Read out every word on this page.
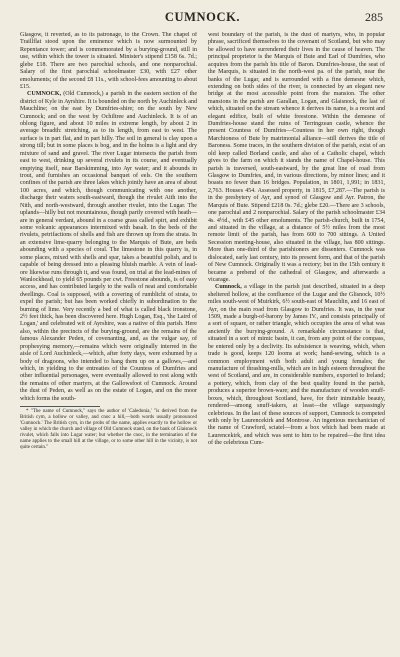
CUMNOCK.	285

Glasgow, it reverted, as to its patronage, to the Crown. The chapel of Traillflat stood upon the eminence which is now surmounted by Repentance tower; and is commemorated by a burying-ground, still in use, within which the tower is situated. Minister's stipend £158 6s. 7d.; glebe £18. There are two parochial schools, and one nonparochial. Salary of the first parochial schoolmaster £30, with £27 other emoluments; of the second £8 11s., with school-fees amounting to about £15.

CUMNOCK, (Old Cumnock,) a parish in the eastern section of the district of Kyle in Ayrshire. It is bounded on the north by Auchinleck and Mauchline; on the east by Dumfries-shire; on the south by New Cumnock; and on the west by Ochiltree and Auchinleck. It is of an oblong figure, and about 10 miles in extreme length, by about 2 in average breadth: stretching, as to its length, from east to west. The surface is in part flat, and in part hilly. The soil in general is clay upon a strong till; but in some places is bog, and in the holms is a light and dry mixture of sand and gravel. The river Lugar intersects the parish from east to west, drinking up several rivulets in its course, and eventually emptying itself, near Barskimming, into Ayr water; and it abounds in trout, and furnishes an occasional banquet of eels. On the southern confines of the parish are three lakes which jointly have an area of about 100 acres, and which, though communicating with one another, discharge their waters south-eastward, though the rivulet Aith into the Nith, and north-westward, through another rivulet, into the Lugar. The uplands—hilly but not mountainous, though partly covered with heath—are in general verdant, abound in a coarse grass called spirt, and exhibit some volcanic appearances intermixed with basalt. In the beds of the rivulets, petrifactions of shells and fish are thrown up from the strata. In an extensive lime-quarry belonging to the Marquis of Bute, are beds abounding with a species of coral. The limestone in this quarry is, in some places, mixed with shells and spar, takes a beautiful polish, and is capable of being dressed into a pleasing bluish marble. A vein of lead-ore likewise runs through it, and was found, on trial at the lead-mines of Wanlockhead, to yield 65 pounds per cwt. Freestone abounds, is of easy access, and has contributed largely to the walls of neat and comfortable dwellings. Coal is supposed, with a covering of rumblicht of strata, to expel the parish; but has been worked chiefly in subordination to the burning of lime. Very recently a bed of what is called black ironstone, 2½ feet thick, has been discovered here. Hugh Logan, Esq., 'the Laird of Logan,' and celebrated wit of Ayrshire, was a native of this parish. Here also, within the precincts of the burying-ground, are the remains of the famous Alexander Peden, of covenanting, and, as the vulgar say, of prophesying memory,—remains which were originally interred in the aisle of Lord Auchinleck,—which, after forty days, were exhumed by a body of dragoons, who intended to hang them up on a gallows,—and which, in yielding to the entreaties of the Countess of Dumfries and other influential personages, were eventually allowed to rest along with the remains of other martyrs, at the Gallowsfoot of Cumnock. Around the dust of Peden, as well as on the estate of Logan, and on the moor which forms the south-

* "The name of Cumnock," says the author of 'Caledonia,' "is derived from the British cym, a hollow or valley, and cnoc a hill,—both words usually pronounced 'Cumnock.' The British cym, in the probs of the name, applies exactly to the hollow or valley in which the church and village of Old Cumnock stand, on the bank of Glaisnock rivulet, which falls into Lugar water; but whether the cnoc, in the termination of the name applies to the small hill at the village, or to some other hill in the vicinity, is not quite certain."

west boundary of the parish, is the dust of martyrs, who, in popular phrase, sacrificed themselves to the covenant of Scotland, but who may be allowed to have surrendered their lives in the cause of heaven. The principal proprietor is the Marquis of Bute and Earl of Dumfries, who acquires from the parish his title of Baron. Dumfries-house, the seat of the Marquis, is situated in the north-west pa. of the parish, near the banks of the Lugar, and is surrounded with a fine demesne which, extending on both sides of the river, is connected by an elegant new bridge at the most accessible point from the mansion. The other mansions in the parish are Garallan, Logan, and Glaisnock, the last of which, situated on the stream whence it derives its name, is a recent and elegant edifice, built of white freestone. Within the demesne of Dumfries-house stand the ruins of Terringzean castle, whence the present Countess of Dumfries—Countess in her own right, though Marchioness of Bute by matrimonial alliance—still derives the title of Baroness. Some traces, in the southern division of the parish, exist of an old keep called Borland castle, and also of a Catholic chapel, which gives to the farm on which it stands the name of Chapel-house. This parish is traversed, south-eastward, by the great line of road from Glasgow to Dumfries, and, in various directions, by minor lines; and it boasts no fewer than 16 bridges. Population, in 1801, 1,991; in 1831, 2,763. Houses 454. Assessed property, in 1815, £7,287.—The parish is in the presbytery of Ayr, and synod of Glasgow and Ayr. Patron, the Marquis of Bute. Stipend £218 0s. 7d.; glebe £20.—There are 3 schools, one parochial and 2 nonparochial. Salary of the parish schoolmaster £34 4s. 4½d., with £45 other emoluments. The parish-church, built in 1754, and situated in the village, at a distance of 5½ miles from the most remote limit of the parish, has from 600 to 700 sittings. A United Secession meeting-house, also situated in the village, has 800 sittings. More than one-third of the parishioners are dissenters. Cumnock was dislocated, early last century, into its present form, and that of the parish of New Cumnock. Originally it was a rectory; but in the 15th century it became a prebend of the cathedral of Glasgow, and afterwards a vicarage.

Cumnock, a village in the parish just described, situated in a deep sheltered hollow, at the confluence of the Lugar and the Glisnock, 10½ miles south-west of Muirkirk, 6½ south-east of Mauchlin, and 16 east of Ayr, on the main road from Glasgow to Dumfries. It was, in the year 1509, made a burgh-of-barony by James IV., and consists principally of a sort of square, or rather triangle, which occupies the area of what was anciently the burying-ground. A remarkable circumstance is that, situated in a sort of mimic basin, it can, from any point of the compass, be entered only by a declivity. Its subsistence is weaving, which, when trade is good, keeps 120 looms at work; hand-sewing, which is a common employment with both adult and young females; the manufacture of thrashing-mills, which are in high esteem throughout the west of Scotland, and are, in considerable numbers, exported to Ireland; a pottery, which, from clay of the best quality found in the parish, produces a superior brown-ware; and the manufacture of wooden snuff-boxes, which, throughout Scotland, have, for their inimitable beauty, rendered—among snuff-takers, at least—the village surpassingly celebrious. In the last of these sources of support, Cumnock is competed with only by Laurencekirk and Montrose. An ingenious mechanician of the name of Crawford, sciatel—from a box which had been made at Laurencekirk, and which was sent to him to be repaired—the first idea of the celebrious Cum-
